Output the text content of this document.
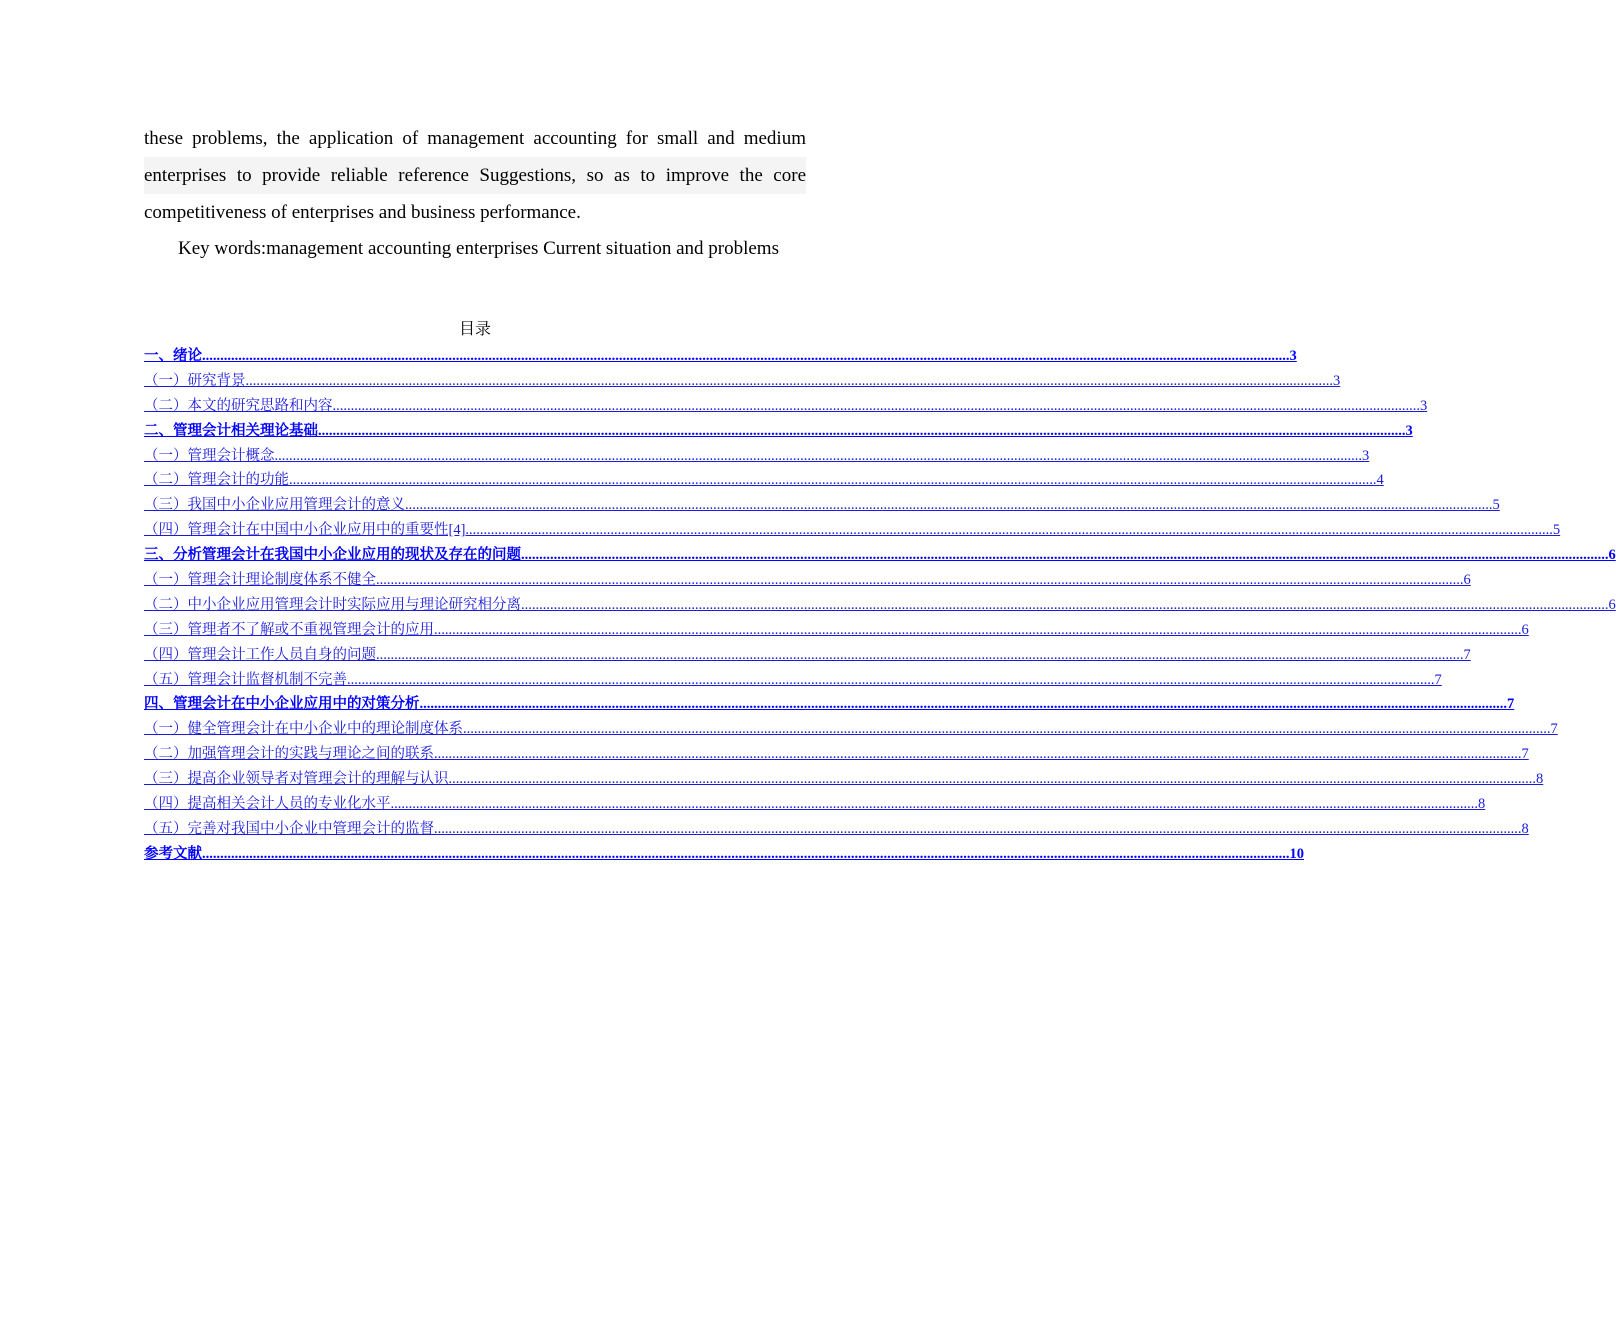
these problems, the application of management accounting for small and medium
enterprises to provide reliable reference Suggestions, so as to improve the core
competitiveness of enterprises and business performance.
Key words:management accounting enterprises Current situation and problems
目录
一、绪论 ............................................................................................................................................................................................................................................................................................................ 3
（一）研究背景 ............................................................................................................................................................................................................................................................................................................ 3
（二）本文的研究思路和内容 ............................................................................................................................................................................................................................................................................................................ 3
二、管理会计相关理论基础 ............................................................................................................................................................................................................................................................................................................ 3
（一）管理会计概念 ............................................................................................................................................................................................................................................................................................................ 3
（二）管理会计的功能 ............................................................................................................................................................................................................................................................................................................ 4
（三）我国中小企业应用管理会计的意义 ............................................................................................................................................................................................................................................................................................................ 5
（四）管理会计在中国中小企业应用中的重要性[4] ............................................................................................................................................................................................................................................................................................................ 5
三、分析管理会计在我国中小企业应用的现状及存在的问题 ............................................................................................................................................................................................................................................................................................................ 6
（一）管理会计理论制度体系不健全 ............................................................................................................................................................................................................................................................................................................ 6
（二）中小企业应用管理会计时实际应用与理论研究相分离 ............................................................................................................................................................................................................................................................................................................ 6
（三）管理者不了解或不重视管理会计的应用 ............................................................................................................................................................................................................................................................................................................ 6
（四）管理会计工作人员自身的问题 ............................................................................................................................................................................................................................................................................................................ 7
（五）管理会计监督机制不完善 ............................................................................................................................................................................................................................................................................................................ 7
四、管理会计在中小企业应用中的对策分析 ............................................................................................................................................................................................................................................................................................................ 7
（一）健全管理会计在中小企业中的理论制度体系 ............................................................................................................................................................................................................................................................................................................ 7
（二）加强管理会计的实践与理论之间的联系 ............................................................................................................................................................................................................................................................................................................ 7
（三）提高企业领导者对管理会计的理解与认识 ............................................................................................................................................................................................................................................................................................................ 8
（四）提高相关会计人员的专业化水平 ............................................................................................................................................................................................................................................................................................................ 8
（五）完善对我国中小企业中管理会计的监督 ............................................................................................................................................................................................................................................................................................................ 8
参考文献 ............................................................................................................................................................................................................................................................................................................ 10
